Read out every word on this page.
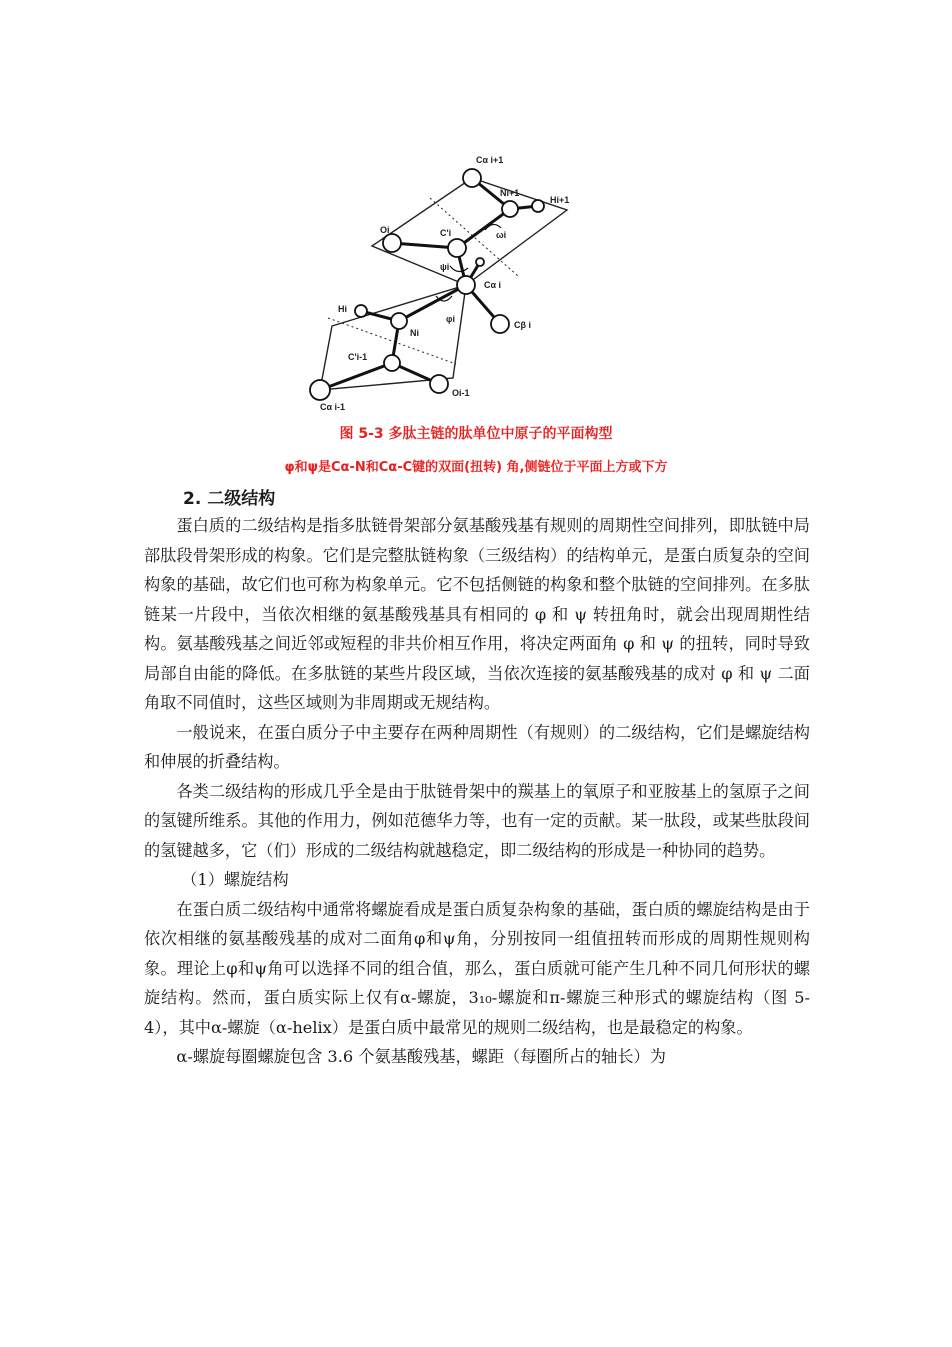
Cα i+1
Ni+1
Hi+1
Oi	C'i	ωi
ψi
Cα i
Hi
φi
Cβ i
Ni
C'i-1
Oi-1
Cα i-1
图 5-3 多肽主链的肽单位中原子的平面构型
φ和ψ是Cα-N和Cα-C键的双面(扭转) 角,侧链位于平面上方或下方
2. 二级结构

蛋白质的二级结构是指多肽链骨架部分氨基酸残基有规则的周期性空间排列，即肽链中局部肽段骨架形成的构象。它们是完整肽链构象（三级结构）的结构单元，是蛋白质复杂的空间构象的基础，故它们也可称为构象单元。它不包括侧链的构象和整个肽链的空间排列。在多肽链某一片段中，当依次相继的氨基酸残基具有相同的 φ 和 ψ 转扭角时，就会出现周期性结构。氨基酸残基之间近邻或短程的非共价相互作用，将决定两面角 φ 和 ψ 的扭转，同时导致局部自由能的降低。在多肽链的某些片段区域，当依次连接的氨基酸残基的成对 φ 和 ψ 二面角取不同值时，这些区域则为非周期或无规结构。

一般说来，在蛋白质分子中主要存在两种周期性（有规则）的二级结构，它们是螺旋结构和伸展的折叠结构。

各类二级结构的形成几乎全是由于肽链骨架中的羰基上的氧原子和亚胺基上的氢原子之间的氢键所维系。其他的作用力，例如范德华力等，也有一定的贡献。某一肽段，或某些肽段间的氢键越多，它（们）形成的二级结构就越稳定，即二级结构的形成是一种协同的趋势。

（1）螺旋结构

在蛋白质二级结构中通常将螺旋看成是蛋白质复杂构象的基础，蛋白质的螺旋结构是由于依次相继的氨基酸残基的成对二面角φ和ψ角，分别按同一组值扭转而形成的周期性规则构象。理论上φ和ψ角可以选择不同的组合值，那么，蛋白质就可能产生几种不同几何形状的螺旋结构。然而，蛋白质实际上仅有α-螺旋，3₁₀-螺旋和π-螺旋三种形式的螺旋结构（图 5-4），其中α-螺旋（α-helix）是蛋白质中最常见的规则二级结构，也是最稳定的构象。

α-螺旋每圈螺旋包含 3.6 个氨基酸残基，螺距（每圈所占的轴长）为
